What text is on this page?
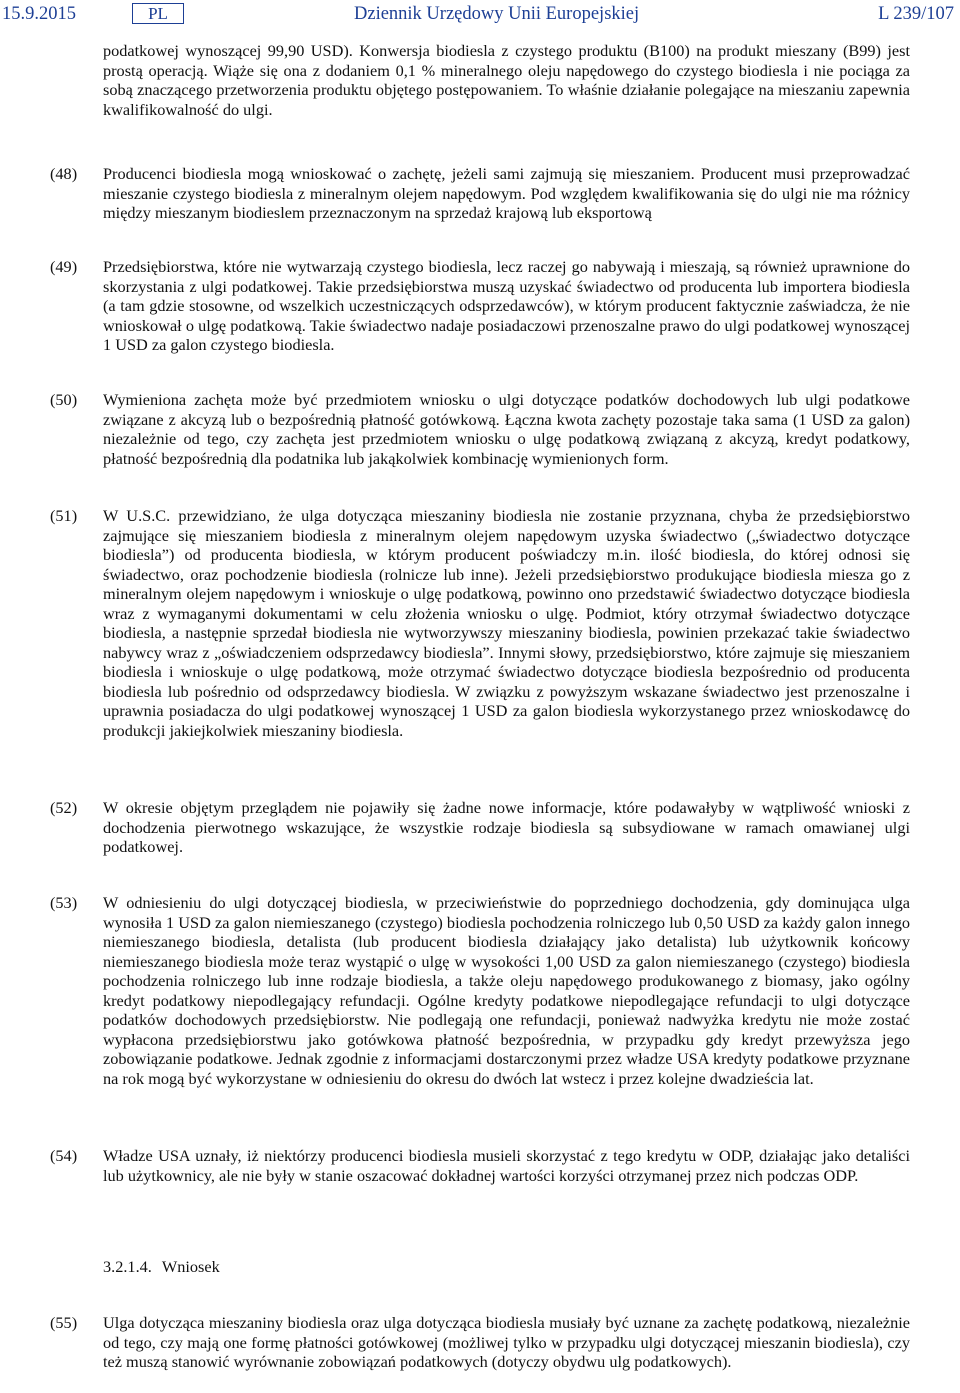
15.9.2015	PL	Dziennik Urzędowy Unii Europejskiej	L 239/107
podatkowej wynoszącej 99,90 USD). Konwersja biodiesla z czystego produktu (B100) na produkt mieszany (B99) jest prostą operacją. Wiąże się ona z dodaniem 0,1 % mineralnego oleju napędowego do czystego biodiesla i nie pociąga za sobą znaczącego przetworzenia produktu objętego postępowaniem. To właśnie działanie polegające na mieszaniu zapewnia kwalifikowalność do ulgi.
(48) Producenci biodiesla mogą wnioskować o zachętę, jeżeli sami zajmują się mieszaniem. Producent musi przeprowadzać mieszanie czystego biodiesla z mineralnym olejem napędowym. Pod względem kwalifikowania się do ulgi nie ma różnicy między mieszanym biodieslem przeznaczonym na sprzedaż krajową lub eksportową
(49) Przedsiębiorstwa, które nie wytwarzają czystego biodiesla, lecz raczej go nabywają i mieszają, są również uprawnione do skorzystania z ulgi podatkowej. Takie przedsiębiorstwa muszą uzyskać świadectwo od producenta lub importera biodiesla (a tam gdzie stosowne, od wszelkich uczestniczących odsprzedawców), w którym producent faktycznie zaświadcza, że nie wnioskował o ulgę podatkową. Takie świadectwo nadaje posiadaczowi przenoszalne prawo do ulgi podatkowej wynoszącej 1 USD za galon czystego biodiesla.
(50) Wymieniona zachęta może być przedmiotem wniosku o ulgi dotyczące podatków dochodowych lub ulgi podatkowe związane z akcyzą lub o bezpośrednią płatność gotówkową. Łączna kwota zachęty pozostaje taka sama (1 USD za galon) niezależnie od tego, czy zachęta jest przedmiotem wniosku o ulgę podatkową związaną z akcyzą, kredyt podatkowy, płatność bezpośrednią dla podatnika lub jakąkolwiek kombinację wymienionych form.
(51) W U.S.C. przewidziano, że ulga dotycząca mieszaniny biodiesla nie zostanie przyznana, chyba że przedsiębiorstwo zajmujące się mieszaniem biodiesla z mineralnym olejem napędowym uzyska świadectwo („świadectwo dotyczące biodiesla”) od producenta biodiesla, w którym producent poświadczy m.in. ilość biodiesla, do której odnosi się świadectwo, oraz pochodzenie biodiesla (rolnicze lub inne). Jeżeli przedsiębiorstwo produkujące biodiesla miesza go z mineralnym olejem napędowym i wnioskuje o ulgę podatkową, powinno ono przedstawić świadectwo dotyczące biodiesla wraz z wymaganymi dokumentami w celu złożenia wniosku o ulgę. Podmiot, który otrzymał świadectwo dotyczące biodiesla, a następnie sprzedał biodiesla nie wytworzywszy mieszaniny biodiesla, powinien przekazać takie świadectwo nabywcy wraz z „oświadczeniem odsprzedawcy biodiesla”. Innymi słowy, przedsiębiorstwo, które zajmuje się mieszaniem biodiesla i wnioskuje o ulgę podatkową, może otrzymać świadectwo dotyczące biodiesla bezpośrednio od producenta biodiesla lub pośrednio od odsprzedawcy biodiesla. W związku z powyższym wskazane świadectwo jest przenoszalne i uprawnia posiadacza do ulgi podatkowej wynoszącej 1 USD za galon biodiesla wykorzystanego przez wnioskodawcę do produkcji jakiejkolwiek mieszaniny biodiesla.
(52) W okresie objętym przeglądem nie pojawiły się żadne nowe informacje, które podawałyby w wątpliwość wnioski z dochodzenia pierwotnego wskazujące, że wszystkie rodzaje biodiesla są subsydiowane w ramach omawianej ulgi podatkowej.
(53) W odniesieniu do ulgi dotyczącej biodiesla, w przeciwieństwie do poprzedniego dochodzenia, gdy dominująca ulga wynosiła 1 USD za galon niemieszanego (czystego) biodiesla pochodzenia rolniczego lub 0,50 USD za każdy galon innego niemieszanego biodiesla, detalista (lub producent biodiesla działający jako detalista) lub użytkownik końcowy niemieszanego biodiesla może teraz wystąpić o ulgę w wysokości 1,00 USD za galon niemieszanego (czystego) biodiesla pochodzenia rolniczego lub inne rodzaje biodiesla, a także oleju napędowego produkowanego z biomasy, jako ogólny kredyt podatkowy niepodlegający refundacji. Ogólne kredyty podatkowe niepodlegające refundacji to ulgi dotyczące podatków dochodowych przedsiębiorstw. Nie podlegają one refundacji, ponieważ nadwyżka kredytu nie może zostać wypłacona przedsiębiorstwu jako gotówkowa płatność bezpośrednia, w przypadku gdy kredyt przewyższa jego zobowiązanie podatkowe. Jednak zgodnie z informacjami dostarczonymi przez władze USA kredyty podatkowe przyznane na rok mogą być wykorzystane w odniesieniu do okresu do dwóch lat wstecz i przez kolejne dwadzieścia lat.
(54) Władze USA uznały, iż niektórzy producenci biodiesla musieli skorzystać z tego kredytu w ODP, działając jako detaliści lub użytkownicy, ale nie były w stanie oszacować dokładnej wartości korzyści otrzymanej przez nich podczas ODP.
3.2.1.4. Wniosek
(55) Ulga dotycząca mieszaniny biodiesla oraz ulga dotycząca biodiesla musiały być uznane za zachętę podatkową, niezależnie od tego, czy mają one formę płatności gotówkowej (możliwej tylko w przypadku ulgi dotyczącej mieszanin biodiesla), czy też muszą stanowić wyrównanie zobowiązań podatkowych (dotyczy obydwu ulg podatkowych).
